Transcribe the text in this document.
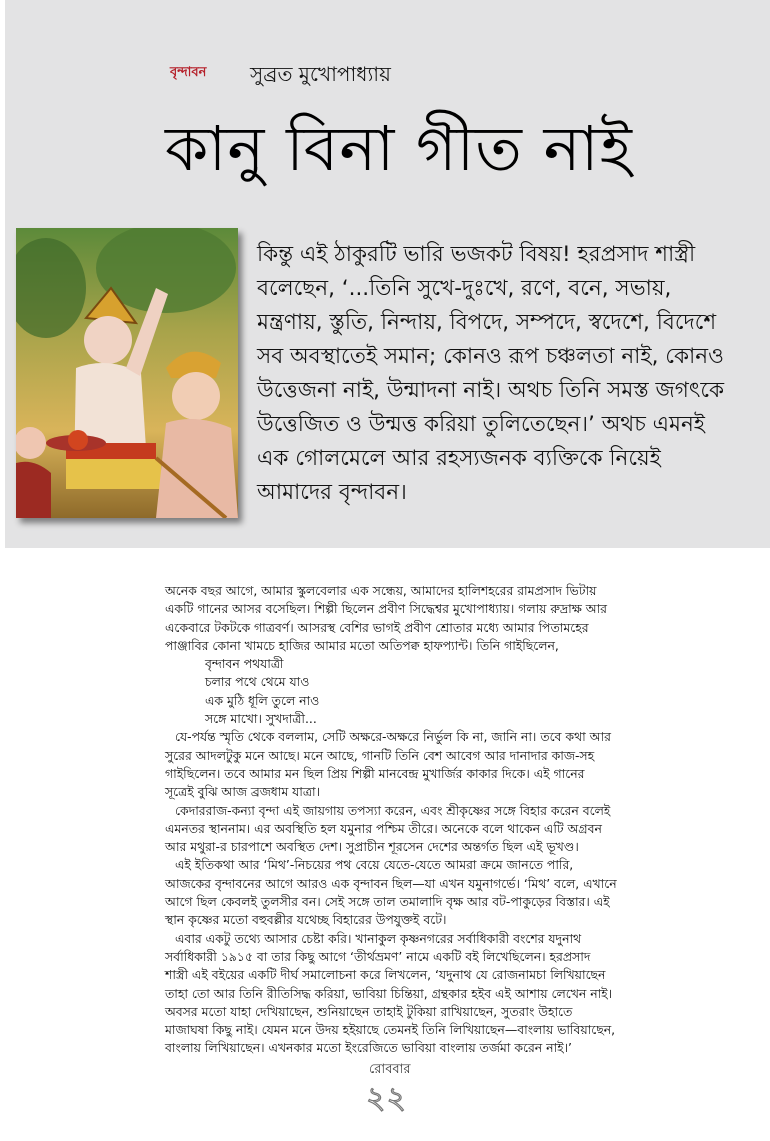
বৃন্দাবন সুব্রত মুখোপাধ্যায়
কানু বিনা গীত নাই
কিন্তু এই ঠাকুরটি ভারি ভজকট বিষয়! হরপ্রসাদ শাস্ত্রী বলেছেন, ‘...তিনি সুখে-দুঃখে, রণে, বনে, সভায়, মন্ত্রণায়, স্তুতি, নিন্দায়, বিপদে, সম্পদে, স্বদেশে, বিদেশে সব অবস্থাতেই সমান; কোনও রূপ চঞ্চলতা নাই, কোনও উত্তেজনা নাই, উন্মাদনা নাই। অথচ তিনি সমস্ত জগৎকে উত্তেজিত ও উন্মত্ত করিয়া তুলিতেছেন।’ অথচ এমনই এক গোলমেলে আর রহস্যজনক ব্যক্তিকে নিয়েই আমাদের বৃন্দাবন।

অনেক বছর আগে, আমার স্কুলবেলার এক সন্ধেয়, আমাদের হালিশহরের রামপ্রসাদ ভিটায় একটি গানের আসর বসেছিল। শিল্পী ছিলেন প্রবীণ সিদ্ধেশ্বর মুখোপাধ্যায়। গলায় রুদ্রাক্ষ আর একেবারে টকটকে গাত্রবর্ণ। আসরস্থ বেশির ভাগই প্রবীণ শ্রোতার মধ্যে আমার পিতামহের পাঞ্জাবির কোনা খামচে হাজির আমার মতো অতিপক্ব হাফপ্যান্ট। তিনি গাইছিলেন,

বৃন্দাবন পথযাত্রী
চলার পথে থেমে যাও
এক মুঠি ধূলি তুলে নাও
সঙ্গে মাখো। সুখদাত্রী...

যে-পর্যন্ত স্মৃতি থেকে বললাম, সেটি অক্ষরে-অক্ষরে নির্ভুল কি না, জানি না। তবে কথা আর সুরের আদলটুকু মনে আছে। মনে আছে, গানটি তিনি বেশ আবেগ আর দানাদার কাজ-সহ গাইছিলেন। তবে আমার মন ছিল প্রিয় শিল্পী মানবেন্দ্র মুখার্জির কাকার দিকে। এই গানের সূত্রেই বুঝি আজ ব্রজধাম যাত্রা।

কেদাররাজ-কন্যা বৃন্দা এই জায়গায় তপস্যা করেন, এবং শ্রীকৃষ্ণের সঙ্গে বিহার করেন বলেই এমনতর স্থাননাম। এর অবস্থিতি হল যমুনার পশ্চিম তীরে। অনেকে বলে থাকেন এটি অগ্রবন আর মথুরা-র চারপাশে অবস্থিত দেশ। সুপ্রাচীন শূরসেন দেশের অন্তর্গত ছিল এই ভূখণ্ড।

এই ইতিকথা আর ‘মিথ’-নিচয়ের পথ বেয়ে যেতে-যেতে আমরা ক্রমে জানতে পারি, আজকের বৃন্দাবনের আগে আরও এক বৃন্দাবন ছিল—যা এখন যমুনাগর্ভে। ‘মিথ’ বলে, এখানে আগে ছিল কেবলই তুলসীর বন। সেই সঙ্গে তাল তমালাদি বৃক্ষ আর বট-পাকুড়ের বিস্তার। এই স্থান কৃষ্ণের মতো বহুবল্লীর যথেচ্ছ বিহারের উপযুক্তই বটে।

এবার একটু তথ্যে আসার চেষ্টা করি। খানাকুল কৃষ্ণনগরের সর্বাধিকারী বংশের যদুনাথ সর্বাধিকারী ১৯১৫ বা তার কিছু আগে ‘তীর্থভ্রমণ’ নামে একটি বই লিখেছিলেন। হরপ্রসাদ শাস্ত্রী এই বইয়ের একটি দীর্ঘ সমালোচনা করে লিখলেন, ‘যদুনাথ যে রোজনামচা লিখিয়াছেন তাহা তো আর তিনি রীতিসিদ্ধ করিয়া, ভাবিয়া চিন্তিয়া, গ্রন্থকার হইব এই আশায় লেখেন নাই। অবসর মতো যাহা দেখিয়াছেন, শুনিয়াছেন তাহাই টুকিয়া রাখিয়াছেন, সুতরাং উহাতে মাজাঘষা কিছু নাই। যেমন মনে উদয় হইয়াছে তেমনই তিনি লিখিয়াছেন—বাংলায় ভাবিয়াছেন, বাংলায় লিখিয়াছেন। এখনকার মতো ইংরেজিতে ভাবিয়া বাংলায় তর্জমা করেন নাই।’

রোববার
২২
